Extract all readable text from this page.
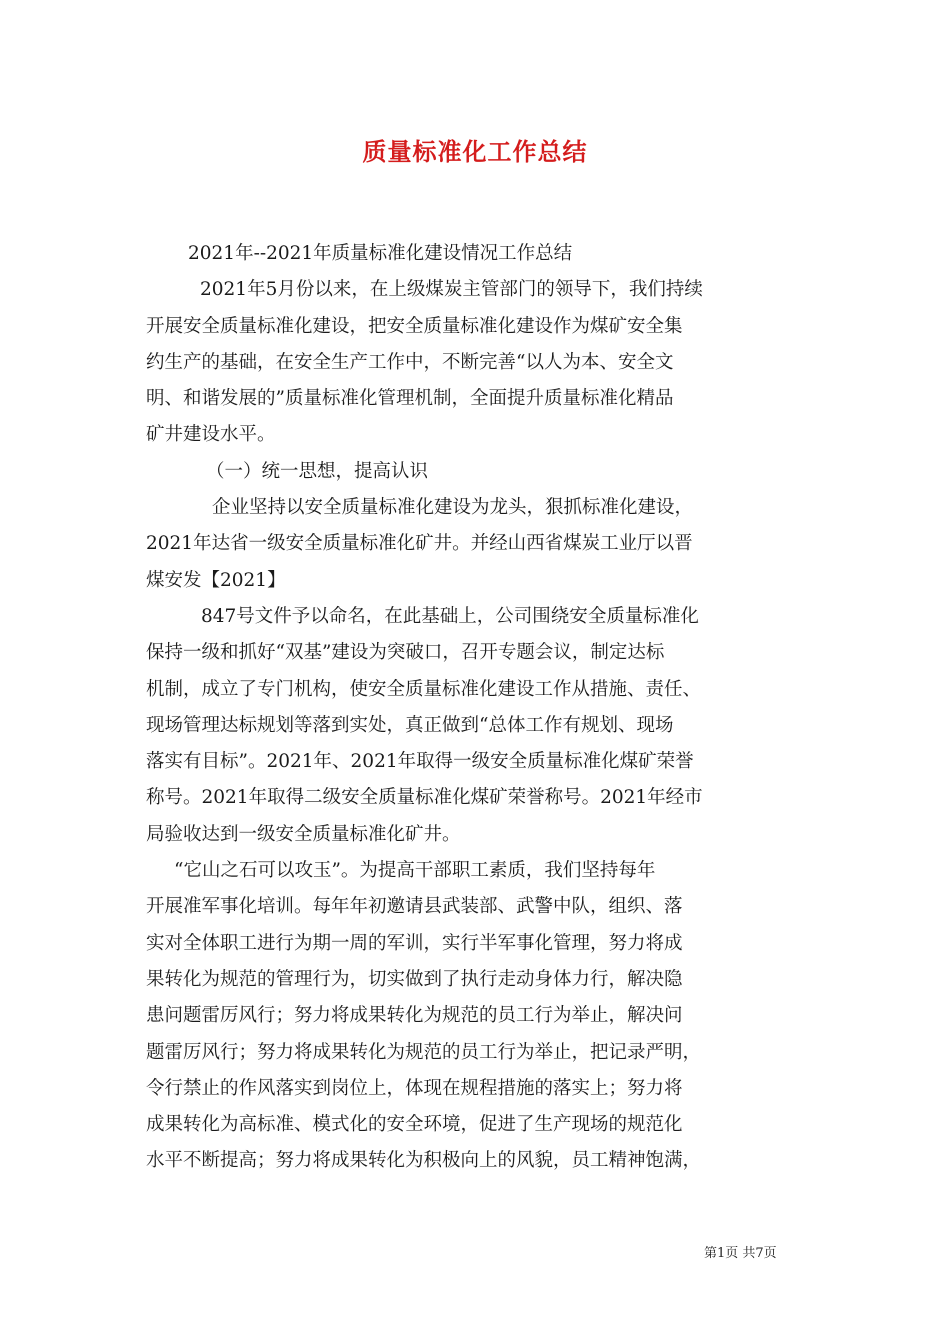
质量标准化工作总结

2021年--2021年质量标准化建设情况工作总结

2021年5月份以来，在上级煤炭主管部门的领导下，我们持续

开展安全质量标准化建设，把安全质量标准化建设作为煤矿安全集

约生产的基础，在安全生产工作中，不断完善“以人为本、安全文

明、和谐发展的”质量标准化管理机制，全面提升质量标准化精品

矿井建设水平。

（一）统一思想，提高认识

企业坚持以安全质量标准化建设为龙头，狠抓标准化建设，

2021年达省一级安全质量标准化矿井。并经山西省煤炭工业厅以晋

煤安发【2021】

847号文件予以命名，在此基础上，公司围绕安全质量标准化

保持一级和抓好“双基”建设为突破口，召开专题会议，制定达标

机制，成立了专门机构，使安全质量标准化建设工作从措施、责任、

现场管理达标规划等落到实处，真正做到“总体工作有规划、现场

落实有目标”。2021年、2021年取得一级安全质量标准化煤矿荣誉

称号。2021年取得二级安全质量标准化煤矿荣誉称号。2021年经市

局验收达到一级安全质量标准化矿井。

“它山之石可以攻玉”。为提高干部职工素质，我们坚持每年

开展准军事化培训。每年年初邀请县武装部、武警中队，组织、落

实对全体职工进行为期一周的军训，实行半军事化管理，努力将成

果转化为规范的管理行为，切实做到了执行走动身体力行，解决隐

患问题雷厉风行；努力将成果转化为规范的员工行为举止，解决问

题雷厉风行；努力将成果转化为规范的员工行为举止，把记录严明，

令行禁止的作风落实到岗位上，体现在规程措施的落实上；努力将

成果转化为高标准、模式化的安全环境，促进了生产现场的规范化

水平不断提高；努力将成果转化为积极向上的风貌，员工精神饱满，

第1页 共7页
